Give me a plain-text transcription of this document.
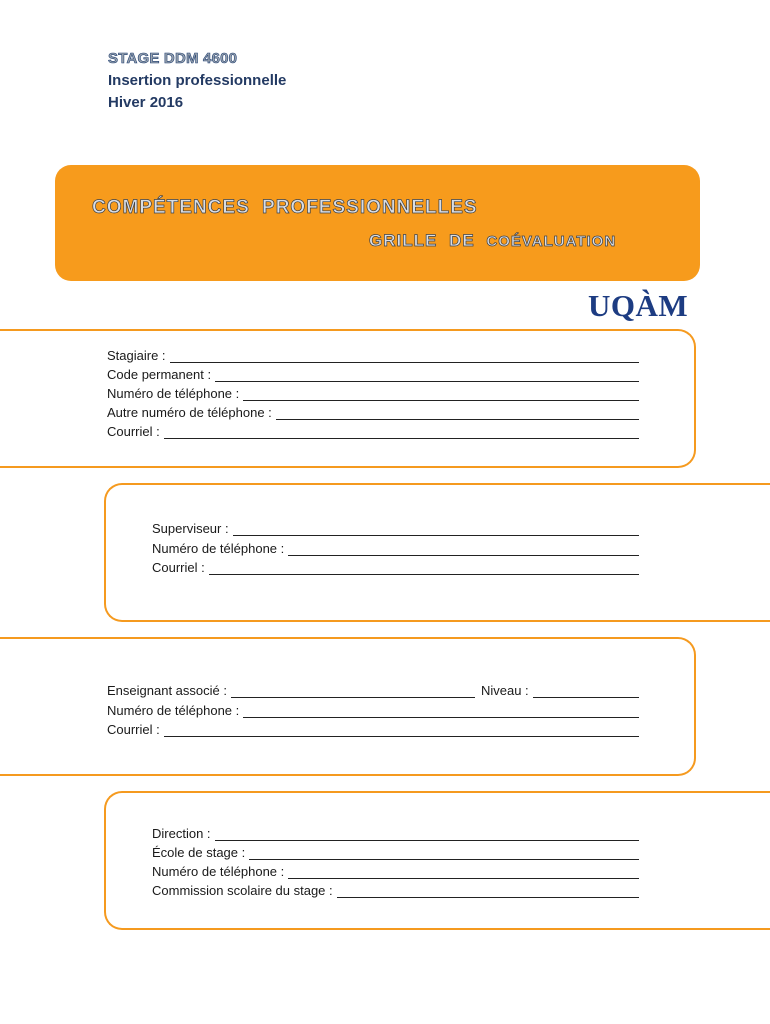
STAGE DDM 4600
Insertion professionnelle
Hiver 2016
COMPÉTENCES PROFESSIONNELLES
GRILLE DE COÉVALUATION
UQÀM
Stagiaire :
Code permanent :
Numéro de téléphone :
Autre numéro de téléphone :
Courriel :
Superviseur :
Numéro de téléphone :
Courriel :
Enseignant associé :	Niveau :
Numéro de téléphone :
Courriel :
Direction :
École de stage :
Numéro de téléphone :
Commission scolaire du stage :
